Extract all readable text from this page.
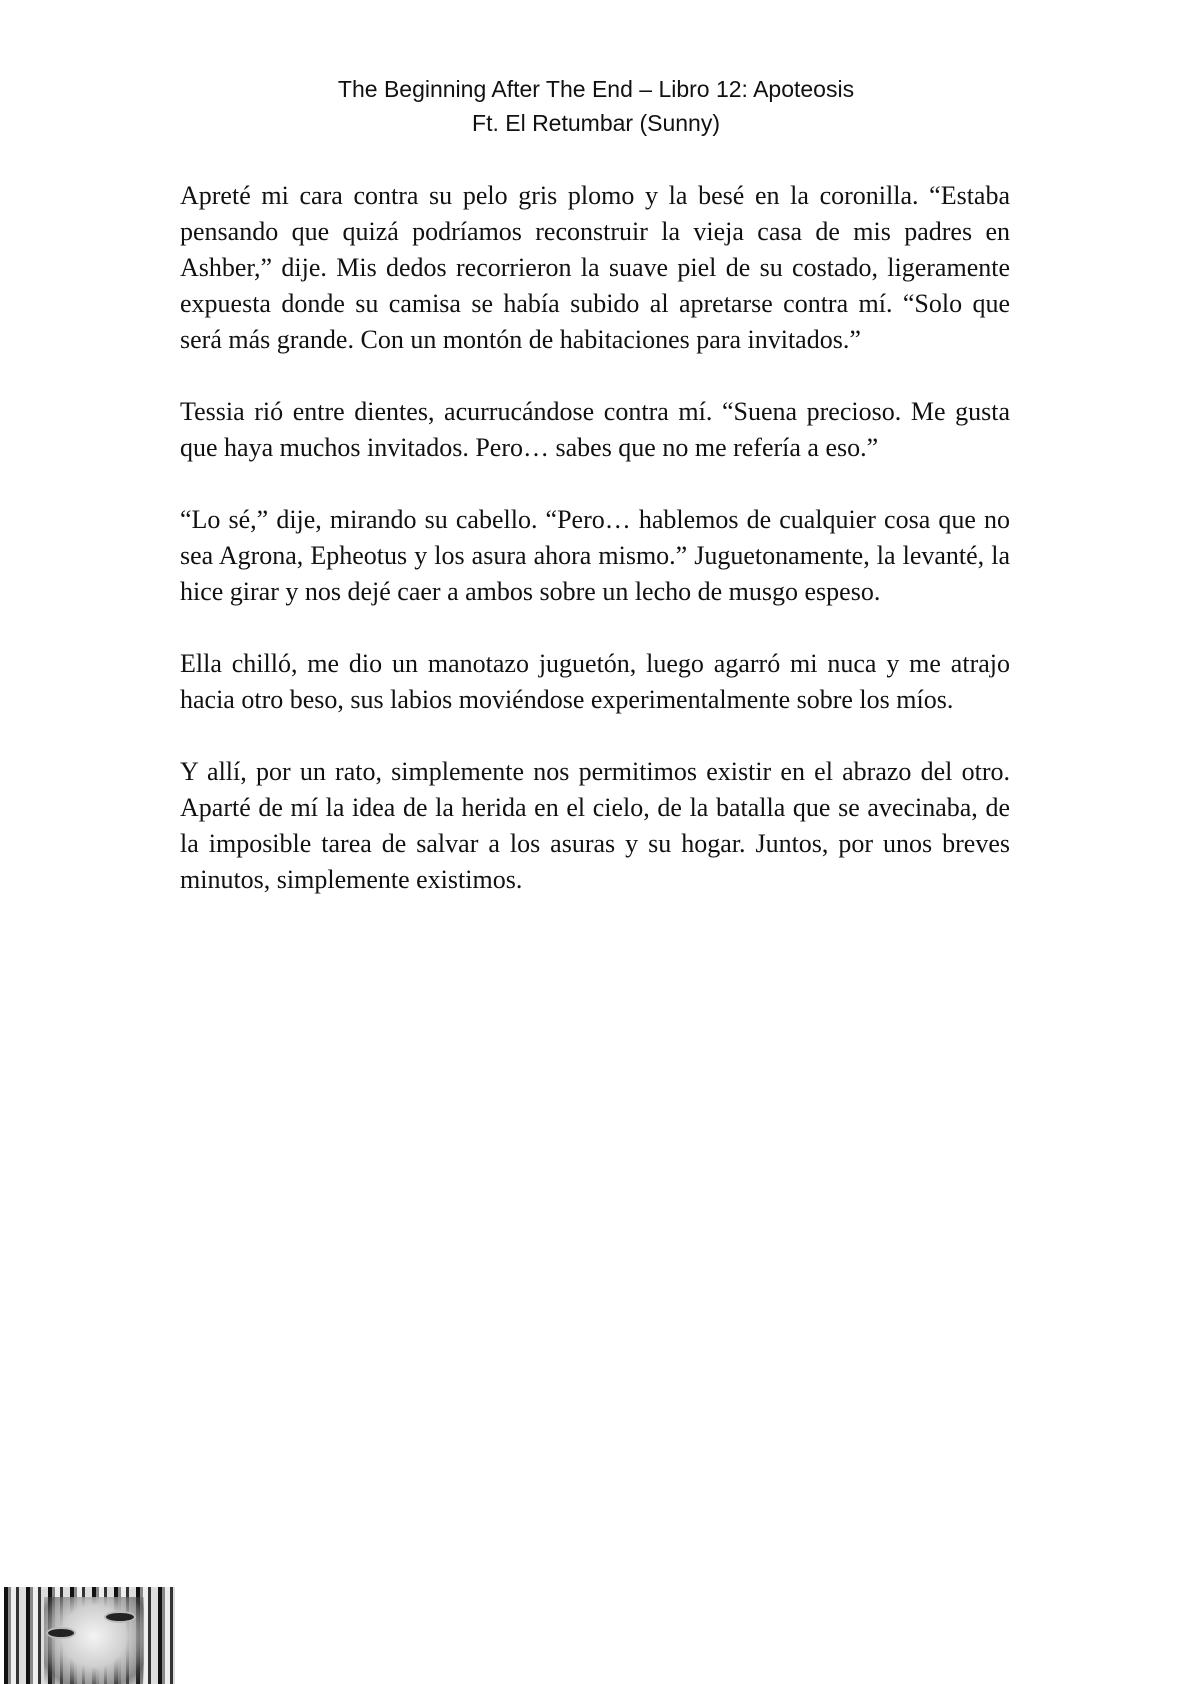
The Beginning After The End – Libro 12: Apoteosis
Ft. El Retumbar (Sunny)

Apreté mi cara contra su pelo gris plomo y la besé en la coronilla. “Estaba pensando que quizá podríamos reconstruir la vieja casa de mis padres en Ashber,” dije. Mis dedos recorrieron la suave piel de su costado, ligeramente expuesta donde su camisa se había subido al apretarse contra mí. “Solo que será más grande. Con un montón de habitaciones para invitados.”

Tessia rió entre dientes, acurrucándose contra mí. “Suena precioso. Me gusta que haya muchos invitados. Pero… sabes que no me refería a eso.”

“Lo sé,” dije, mirando su cabello. “Pero… hablemos de cualquier cosa que no sea Agrona, Epheotus y los asura ahora mismo.” Juguetonamente, la levanté, la hice girar y nos dejé caer a ambos sobre un lecho de musgo espeso.

Ella chilló, me dio un manotazo juguetón, luego agarró mi nuca y me atrajo hacia otro beso, sus labios moviéndose experimentalmente sobre los míos.

Y allí, por un rato, simplemente nos permitimos existir en el abrazo del otro. Aparté de mí la idea de la herida en el cielo, de la batalla que se avecinaba, de la imposible tarea de salvar a los asuras y su hogar. Juntos, por unos breves minutos, simplemente existimos.
